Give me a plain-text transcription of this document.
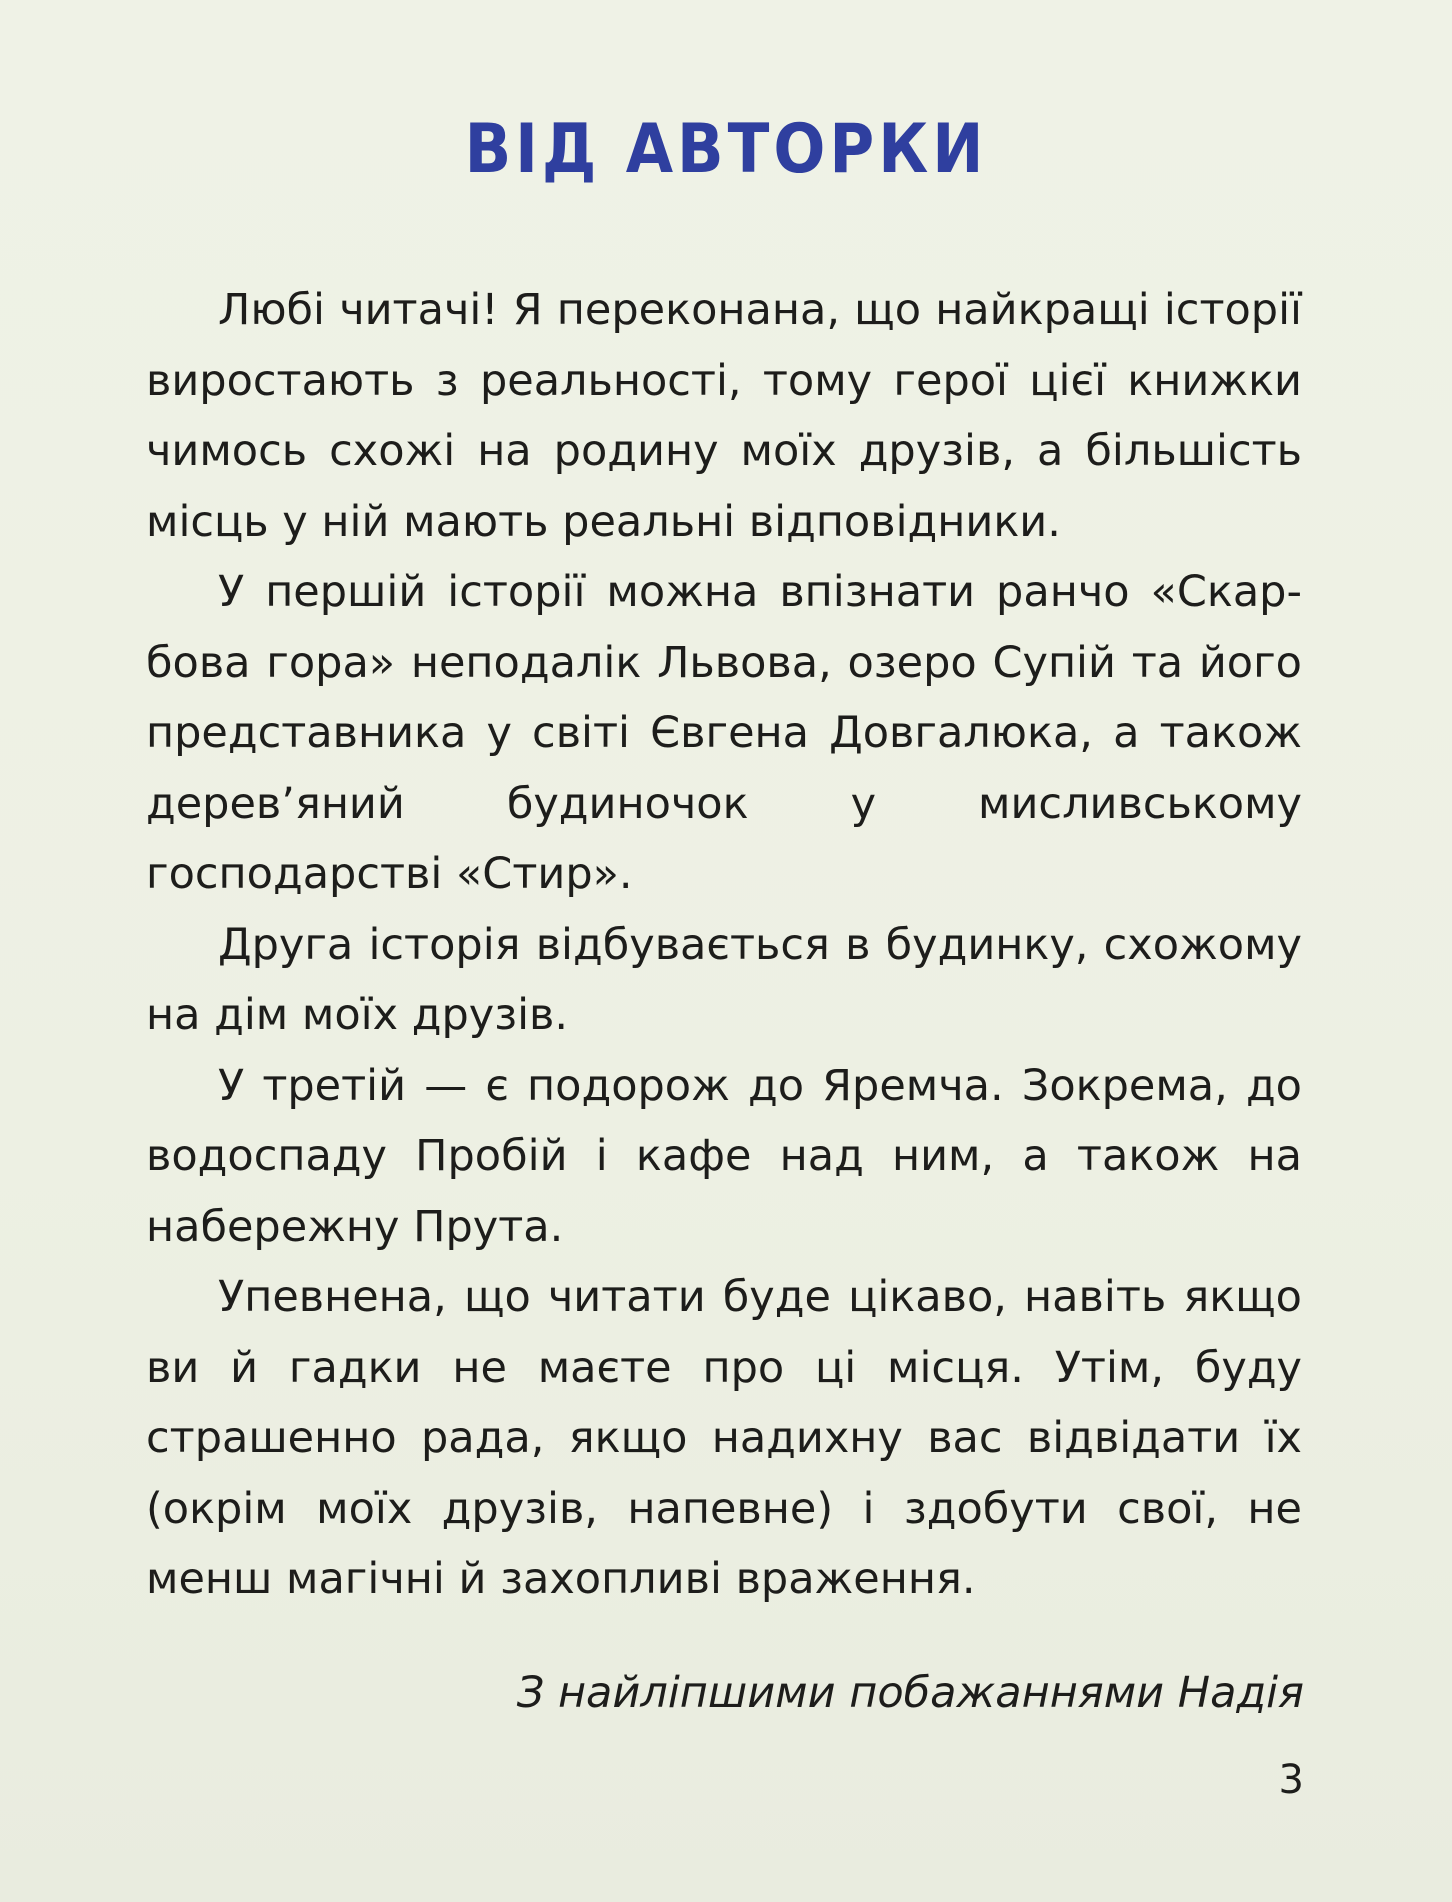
ВІД АВТОРКИ

Любі читачі! Я переконана, що найкращі історії виростають з реальності, тому герої цієї книжки чимось схожі на родину моїх друзів, а більшість місць у ній мають реальні відповідники.

У першій історії можна впізнати ранчо «Скарбова гора» неподалік Львова, озеро Супій та його представника у світі Євгена Довгалюка, а також дерев’яний будиночок у мисливському господарстві «Стир».

Друга історія відбувається в будинку, схожому на дім моїх друзів.

У третій — є подорож до Яремча. Зокрема, до водоспаду Пробій і кафе над ним, а також на набережну Прута.

Упевнена, що читати буде цікаво, навіть якщо ви й гадки не маєте про ці місця. Утім, буду страшенно рада, якщо надихну вас відвідати їх (окрім моїх друзів, напевне) і здобути свої, не менш магічні й захопливі враження.

З найліпшими побажаннями Надія

3
